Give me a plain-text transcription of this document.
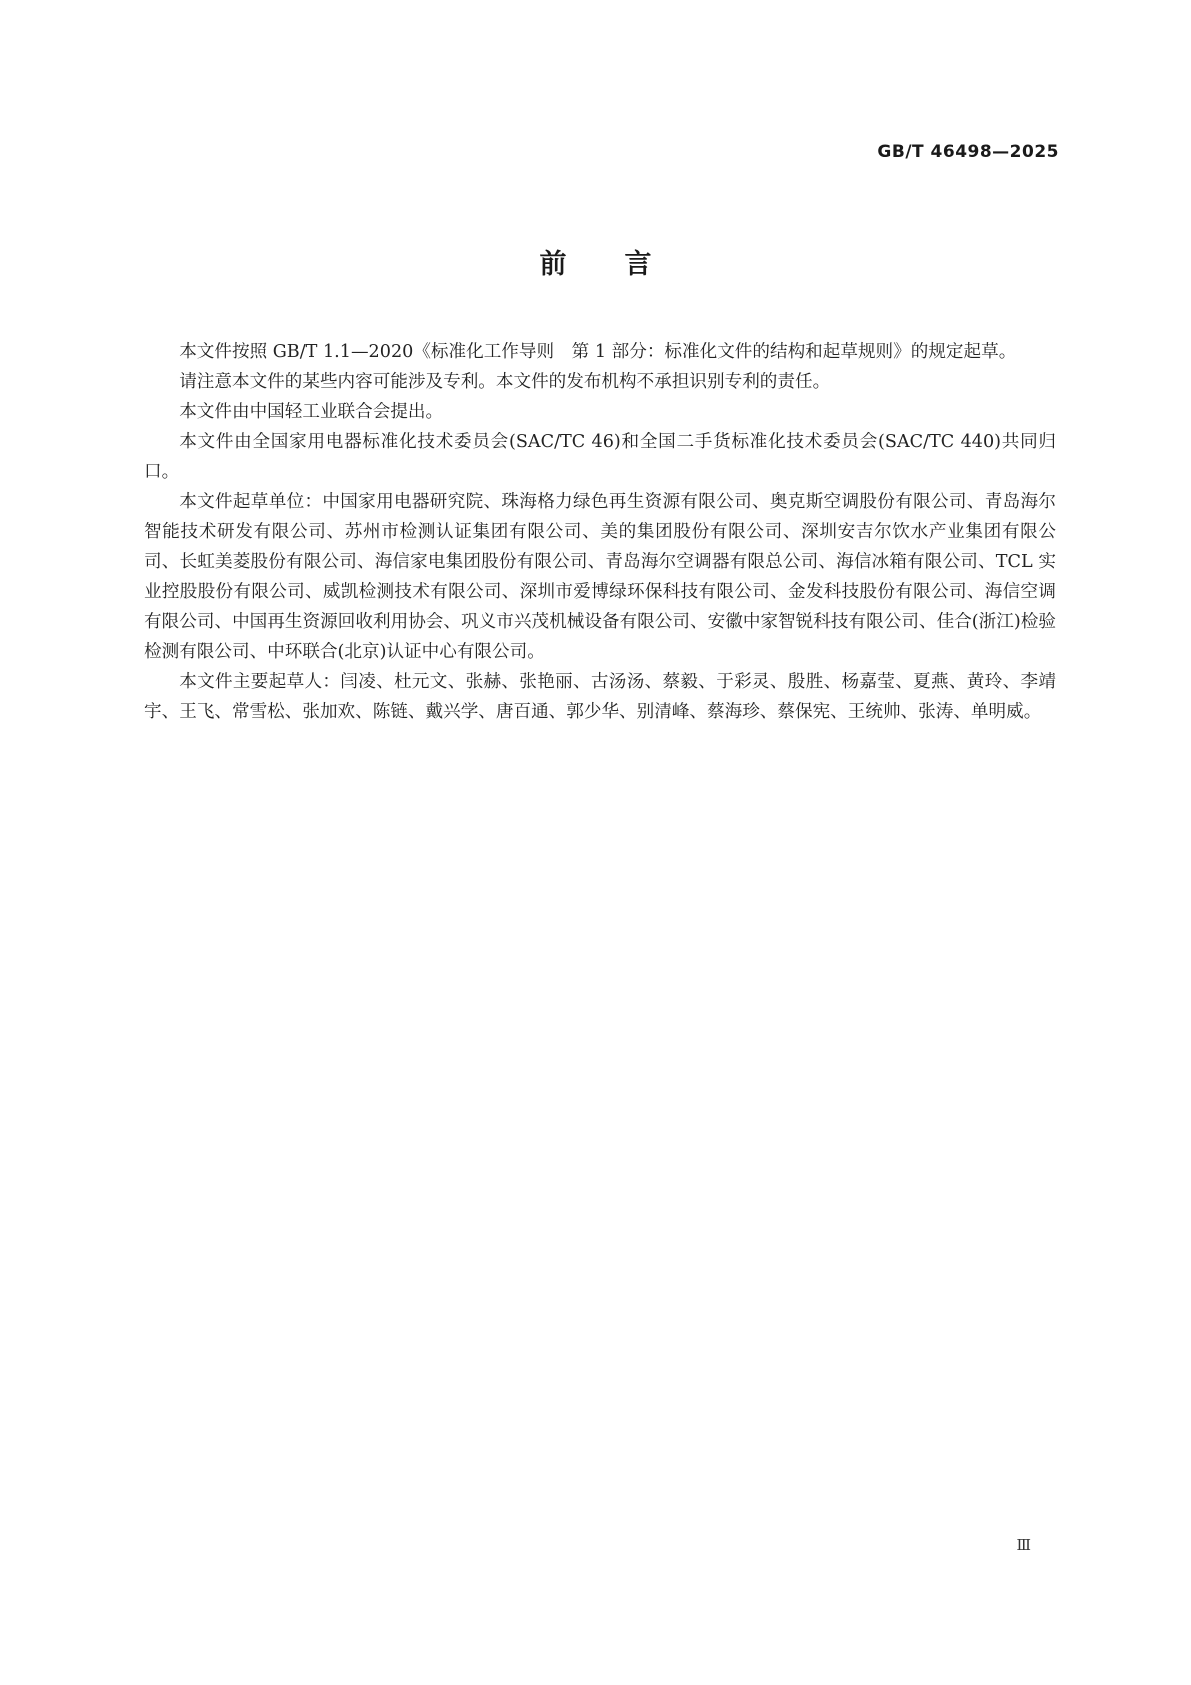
GB/T 46498—2025
前言

本文件按照 GB/T 1.1—2020《标准化工作导则　第 1 部分：标准化文件的结构和起草规则》的规定起草。

请注意本文件的某些内容可能涉及专利。本文件的发布机构不承担识别专利的责任。

本文件由中国轻工业联合会提出。

本文件由全国家用电器标准化技术委员会(SAC/TC 46)和全国二手货标准化技术委员会(SAC/TC 440)共同归口。

本文件起草单位：中国家用电器研究院、珠海格力绿色再生资源有限公司、奥克斯空调股份有限公司、青岛海尔智能技术研发有限公司、苏州市检测认证集团有限公司、美的集团股份有限公司、深圳安吉尔饮水产业集团有限公司、长虹美菱股份有限公司、海信家电集团股份有限公司、青岛海尔空调器有限总公司、海信冰箱有限公司、TCL 实业控股股份有限公司、威凯检测技术有限公司、深圳市爱博绿环保科技有限公司、金发科技股份有限公司、海信空调有限公司、中国再生资源回收利用协会、巩义市兴茂机械设备有限公司、安徽中家智锐科技有限公司、佳合(浙江)检验检测有限公司、中环联合(北京)认证中心有限公司。

本文件主要起草人：闫凌、杜元文、张赫、张艳丽、古汤汤、蔡毅、于彩灵、殷胜、杨嘉莹、夏燕、黄玲、李靖宇、王飞、常雪松、张加欢、陈链、戴兴学、唐百通、郭少华、别清峰、蔡海珍、蔡保宪、王统帅、张涛、单明威。

Ⅲ
